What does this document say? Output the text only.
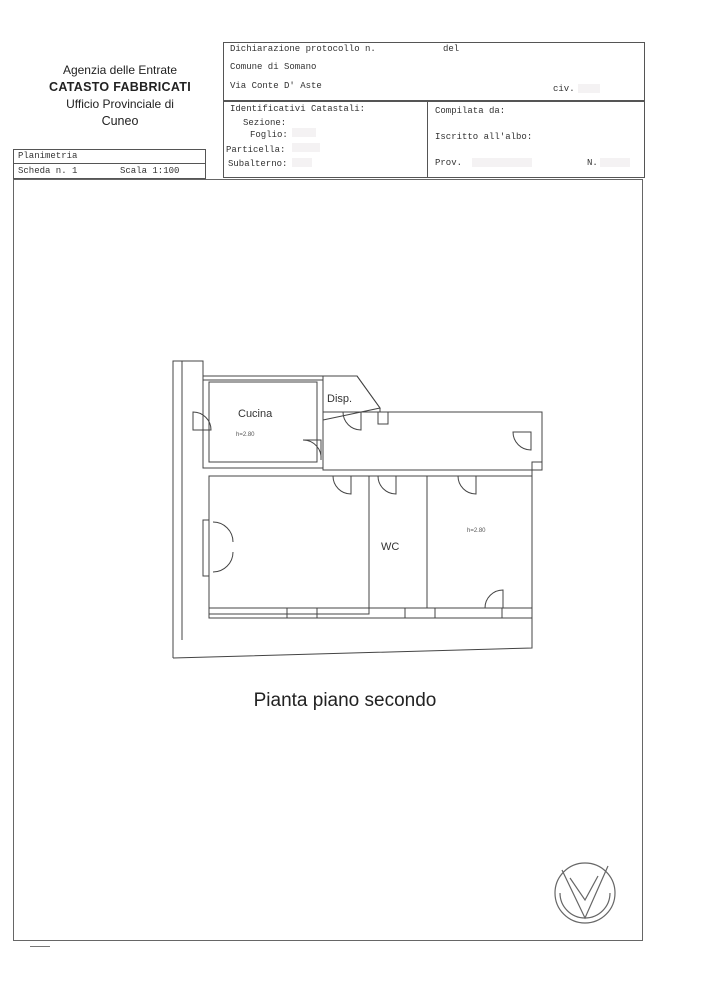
Agenzia delle Entrate
CATASTO FABBRICATI
Ufficio Provinciale di
Cuneo
Dichiarazione protocollo n.	del
Comune di Somano
Via Conte D' Aste	civ.
Identificativi Catastali:
Sezione:
Foglio:
Particella:
Subalterno:
Compilata da:
Iscritto all'albo:
Prov.	N.
Planimetria
Scheda n. 1	Scala 1:100
Cucina
h=2.80
Disp.
WC
h=2.80
Pianta piano secondo
